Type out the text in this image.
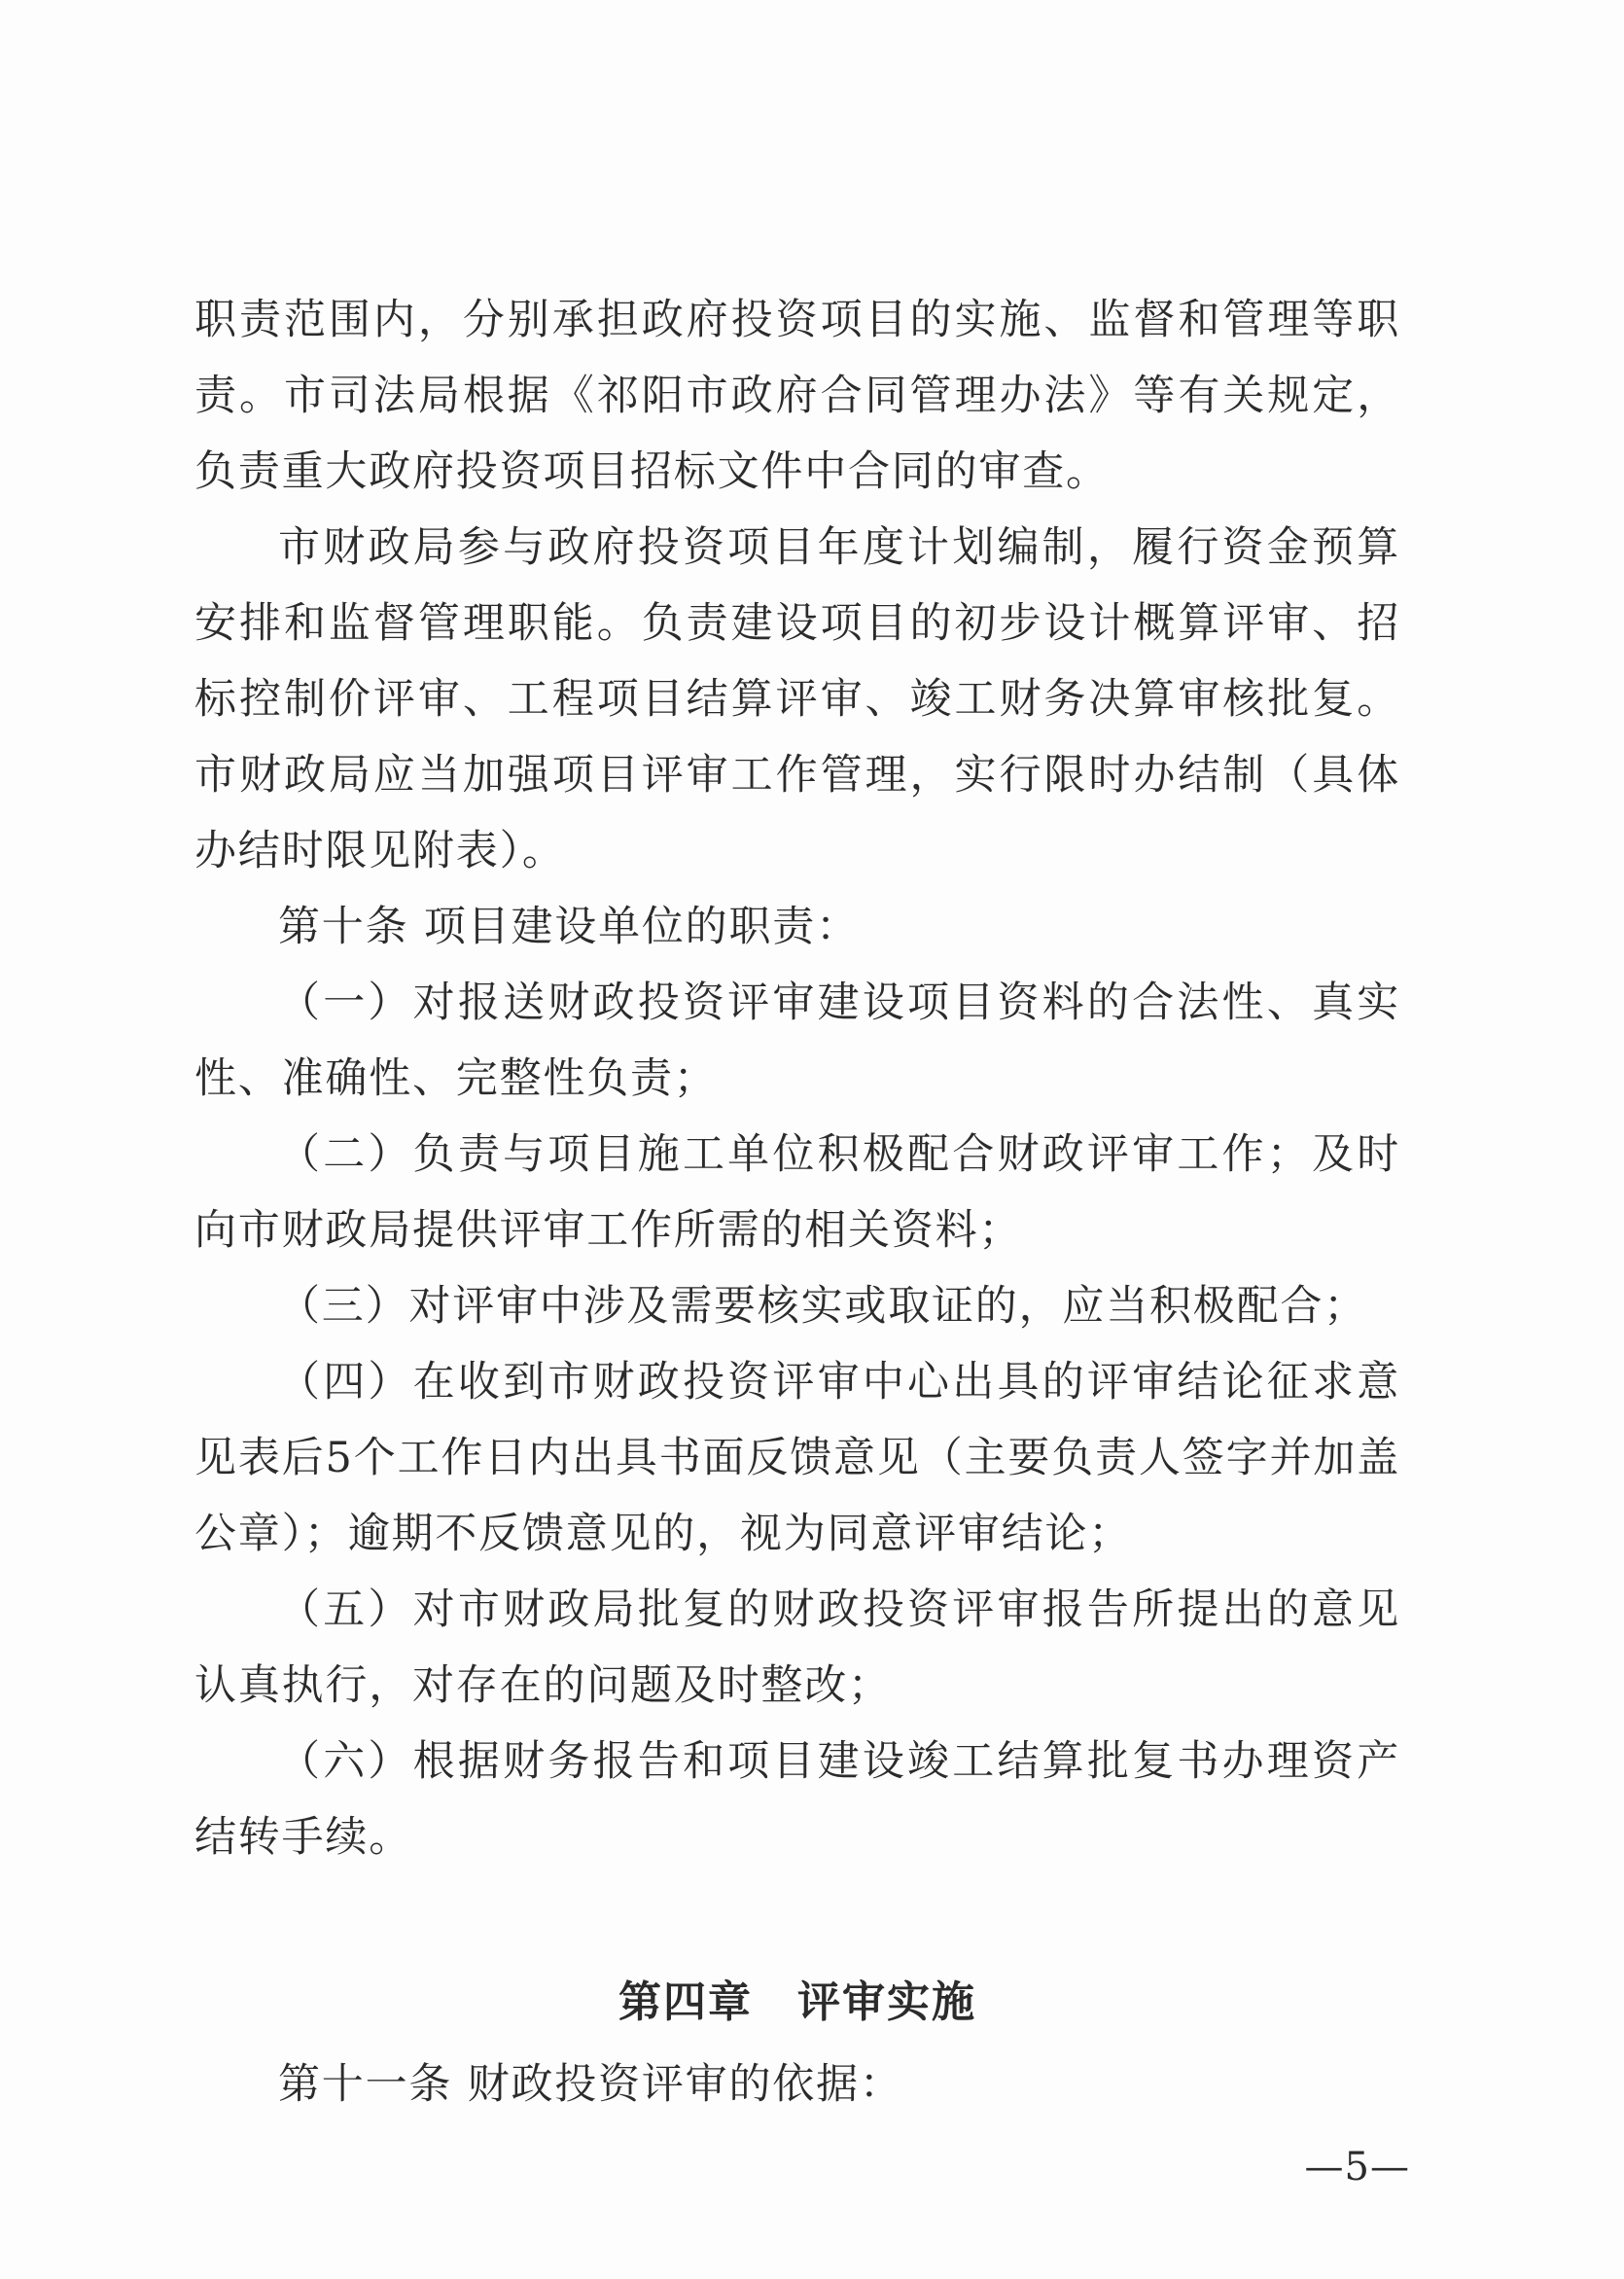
职责范围内，分别承担政府投资项目的实施、监督和管理等职责。市司法局根据《祁阳市政府合同管理办法》等有关规定，负责重大政府投资项目招标文件中合同的审查。

市财政局参与政府投资项目年度计划编制，履行资金预算安排和监督管理职能。负责建设项目的初步设计概算评审、招标控制价评审、工程项目结算评审、竣工财务决算审核批复。市财政局应当加强项目评审工作管理，实行限时办结制（具体办结时限见附表）。

第十条 项目建设单位的职责：

（一）对报送财政投资评审建设项目资料的合法性、真实性、准确性、完整性负责；

（二）负责与项目施工单位积极配合财政评审工作；及时向市财政局提供评审工作所需的相关资料；

（三）对评审中涉及需要核实或取证的，应当积极配合；

（四）在收到市财政投资评审中心出具的评审结论征求意见表后5个工作日内出具书面反馈意见（主要负责人签字并加盖公章）；逾期不反馈意见的，视为同意评审结论；

（五）对市财政局批复的财政投资评审报告所提出的意见认真执行，对存在的问题及时整改；

（六）根据财务报告和项目建设竣工结算批复书办理资产结转手续。

第四章 评审实施
第十一条 财政投资评审的依据：
—5—
